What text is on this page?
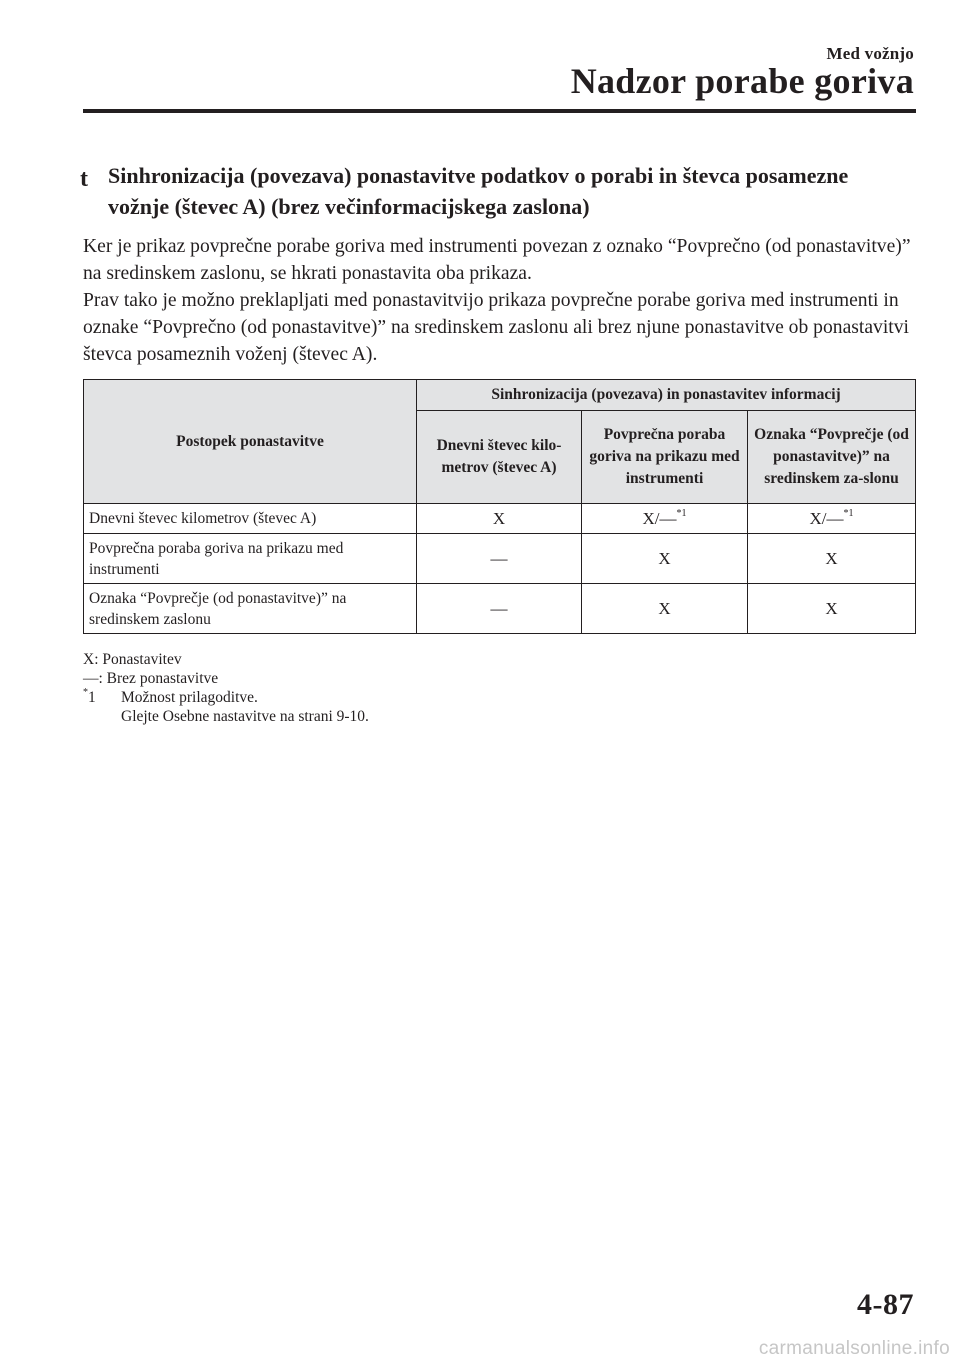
Med vožnjo
Nadzor porabe goriva
t Sinhronizacija (povezava) ponastavitve podatkov o porabi in števca posamezne vožnje (števec A) (brez večinformacijskega zaslona)

Ker je prikaz povprečne porabe goriva med instrumenti povezan z oznako “Povprečno (od ponastavitve)” na sredinskem zaslonu, se hkrati ponastavita oba prikaza.

Prav tako je možno preklapljati med ponastavitvijo prikaza povprečne porabe goriva med instrumenti in oznake “Povprečno (od ponastavitve)” na sredinskem zaslonu ali brez njune ponastavitve ob ponastavitvi števca posameznih voženj (števec A).

Postopek ponastavitve	Sinhronizacija (povezava) in ponastavitev informacij		
	Dnevni števec kilo-metrov (števec A)	Povprečna poraba goriva na prikazu med instrumenti	Oznaka “Povprečje (od ponastavitve)” na sredinskem za-slonu
Dnevni števec kilometrov (števec A)	X	X/—$^{*1}$	X/—$^{*1}$
Povprečna poraba goriva na prikazu med instrumenti	—	X	X
Oznaka “Povprečje (od ponastavitve)” na sredinskem zaslonu	—	X	X
X: Ponastavitev
—: Brez ponastavitve
*1 Možnost prilagoditve.
Glejte Osebne nastavitve na strani 9-10.
4-87
carmanualsonline.info
